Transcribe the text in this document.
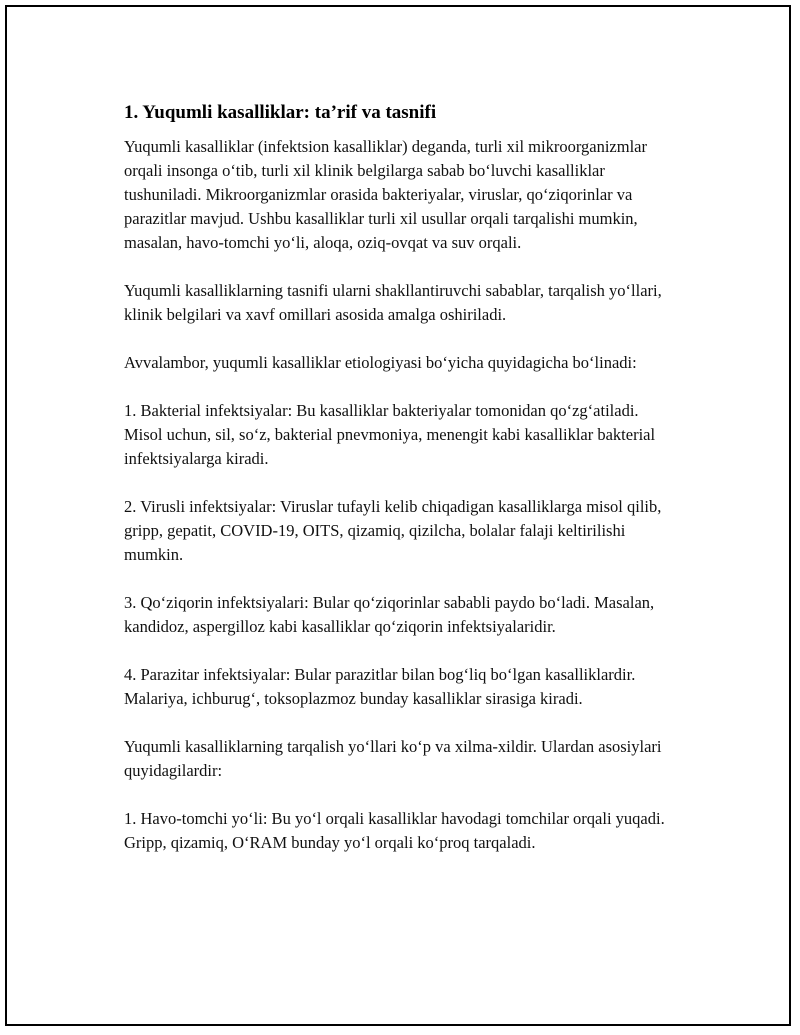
1. Yuqumli kasalliklar: ta’rif va tasnifi

Yuqumli kasalliklar (infektsion kasalliklar) deganda, turli xil mikroorganizmlar orqali insonga o‘tib, turli xil klinik belgilarga sabab bo‘luvchi kasalliklar tushuniladi. Mikroorganizmlar orasida bakteriyalar, viruslar, qo‘ziqorinlar va parazitlar mavjud. Ushbu kasalliklar turli xil usullar orqali tarqalishi mumkin, masalan, havo-tomchi yo‘li, aloqa, oziq-ovqat va suv orqali.

Yuqumli kasalliklarning tasnifi ularni shakllantiruvchi sabablar, tarqalish yo‘llari, klinik belgilari va xavf omillari asosida amalga oshiriladi.

Avvalambor, yuqumli kasalliklar etiologiyasi bo‘yicha quyidagicha bo‘linadi:

1. Bakterial infektsiyalar: Bu kasalliklar bakteriyalar tomonidan qo‘zg‘atiladi. Misol uchun, sil, so‘z, bakterial pnevmoniya, menengit kabi kasalliklar bakterial infektsiyalarga kiradi.

2. Virusli infektsiyalar: Viruslar tufayli kelib chiqadigan kasalliklarga misol qilib, gripp, gepatit, COVID-19, OITS, qizamiq, qizilcha, bolalar falaji keltirilishi mumkin.

3. Qo‘ziqorin infektsiyalari: Bular qo‘ziqorinlar sababli paydo bo‘ladi. Masalan, kandidoz, aspergilloz kabi kasalliklar qo‘ziqorin infektsiyalaridir.

4. Parazitar infektsiyalar: Bular parazitlar bilan bog‘liq bo‘lgan kasalliklardir. Malariya, ichburug‘, toksoplazmoz bunday kasalliklar sirasiga kiradi.

Yuqumli kasalliklarning tarqalish yo‘llari ko‘p va xilma-xildir. Ulardan asosiylari quyidagilardir:

1. Havo-tomchi yo‘li: Bu yo‘l orqali kasalliklar havodagi tomchilar orqali yuqadi. Gripp, qizamiq, O‘RAM bunday yo‘l orqali ko‘proq tarqaladi.
